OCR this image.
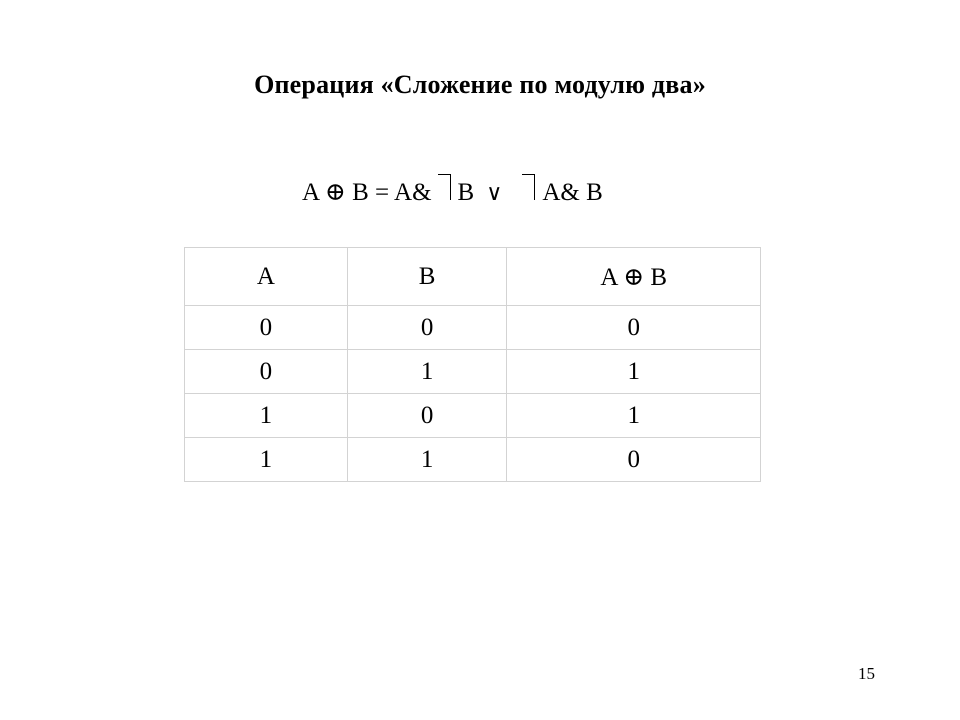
Операция «Сложение по модулю два»
A ⊕ B = A& B ∨ A& B
A	B	A ⊕ B
0	0	0
0	1	1
1	0	1
1	1	0
15
